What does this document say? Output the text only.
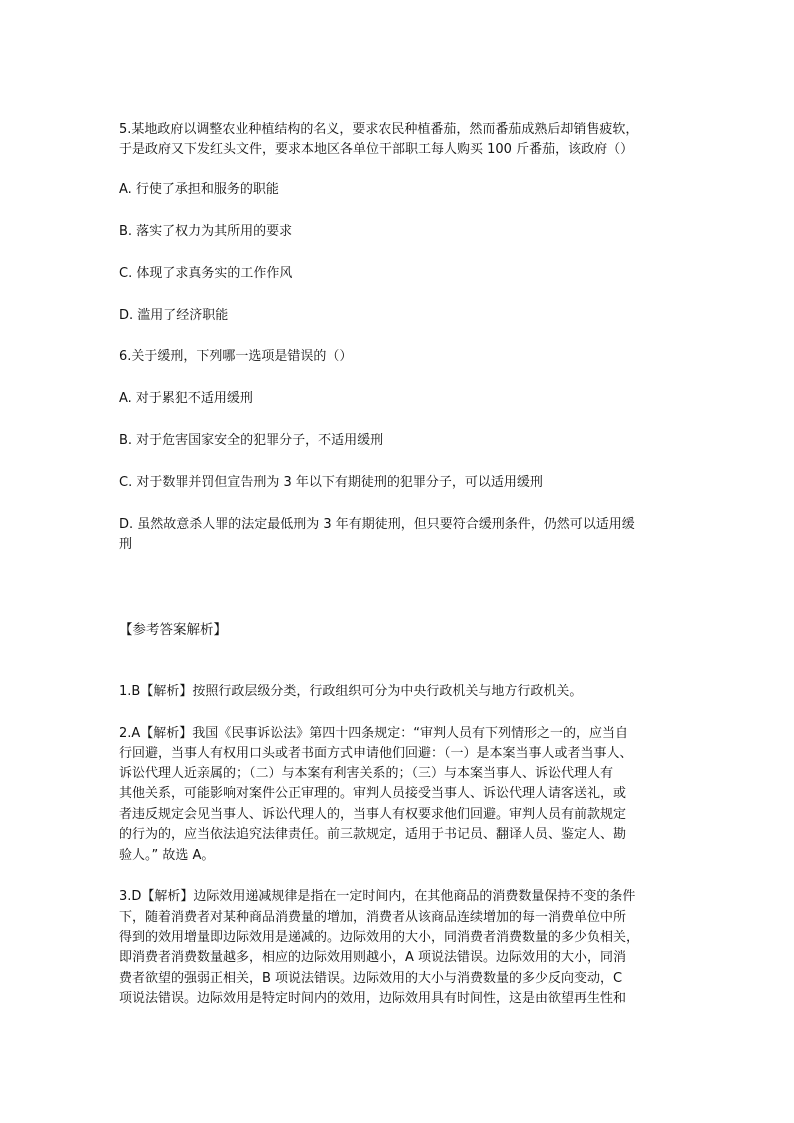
5.某地政府以调整农业种植结构的名义，要求农民种植番茄，然而番茄成熟后却销售疲软，
于是政府又下发红头文件，要求本地区各单位干部职工每人购买 100 斤番茄，该政府（）
A. 行使了承担和服务的职能
B. 落实了权力为其所用的要求
C. 体现了求真务实的工作作风
D. 滥用了经济职能
6.关于缓刑，下列哪一选项是错误的（）
A. 对于累犯不适用缓刑
B. 对于危害国家安全的犯罪分子，不适用缓刑
C. 对于数罪并罚但宣告刑为 3 年以下有期徒刑的犯罪分子，可以适用缓刑
D. 虽然故意杀人罪的法定最低刑为 3 年有期徒刑，但只要符合缓刑条件，仍然可以适用缓
刑
【参考答案解析】
1.B【解析】按照行政层级分类，行政组织可分为中央行政机关与地方行政机关。
2.A【解析】我国《民事诉讼法》第四十四条规定：“审判人员有下列情形之一的，应当自
行回避，当事人有权用口头或者书面方式申请他们回避：（一）是本案当事人或者当事人、
诉讼代理人近亲属的；（二）与本案有利害关系的；（三）与本案当事人、诉讼代理人有
其他关系，可能影响对案件公正审理的。审判人员接受当事人、诉讼代理人请客送礼，或
者违反规定会见当事人、诉讼代理人的，当事人有权要求他们回避。审判人员有前款规定
的行为的，应当依法追究法律责任。前三款规定，适用于书记员、翻译人员、鉴定人、勘
验人。” 故选 A。
3.D【解析】边际效用递减规律是指在一定时间内，在其他商品的消费数量保持不变的条件
下，随着消费者对某种商品消费量的增加，消费者从该商品连续增加的每一消费单位中所
得到的效用增量即边际效用是递减的。边际效用的大小，同消费者消费数量的多少负相关，
即消费者消费数量越多，相应的边际效用则越小，A 项说法错误。边际效用的大小，同消
费者欲望的强弱正相关，B 项说法错误。边际效用的大小与消费数量的多少反向变动，C
项说法错误。边际效用是特定时间内的效用，边际效用具有时间性，这是由欲望再生性和
